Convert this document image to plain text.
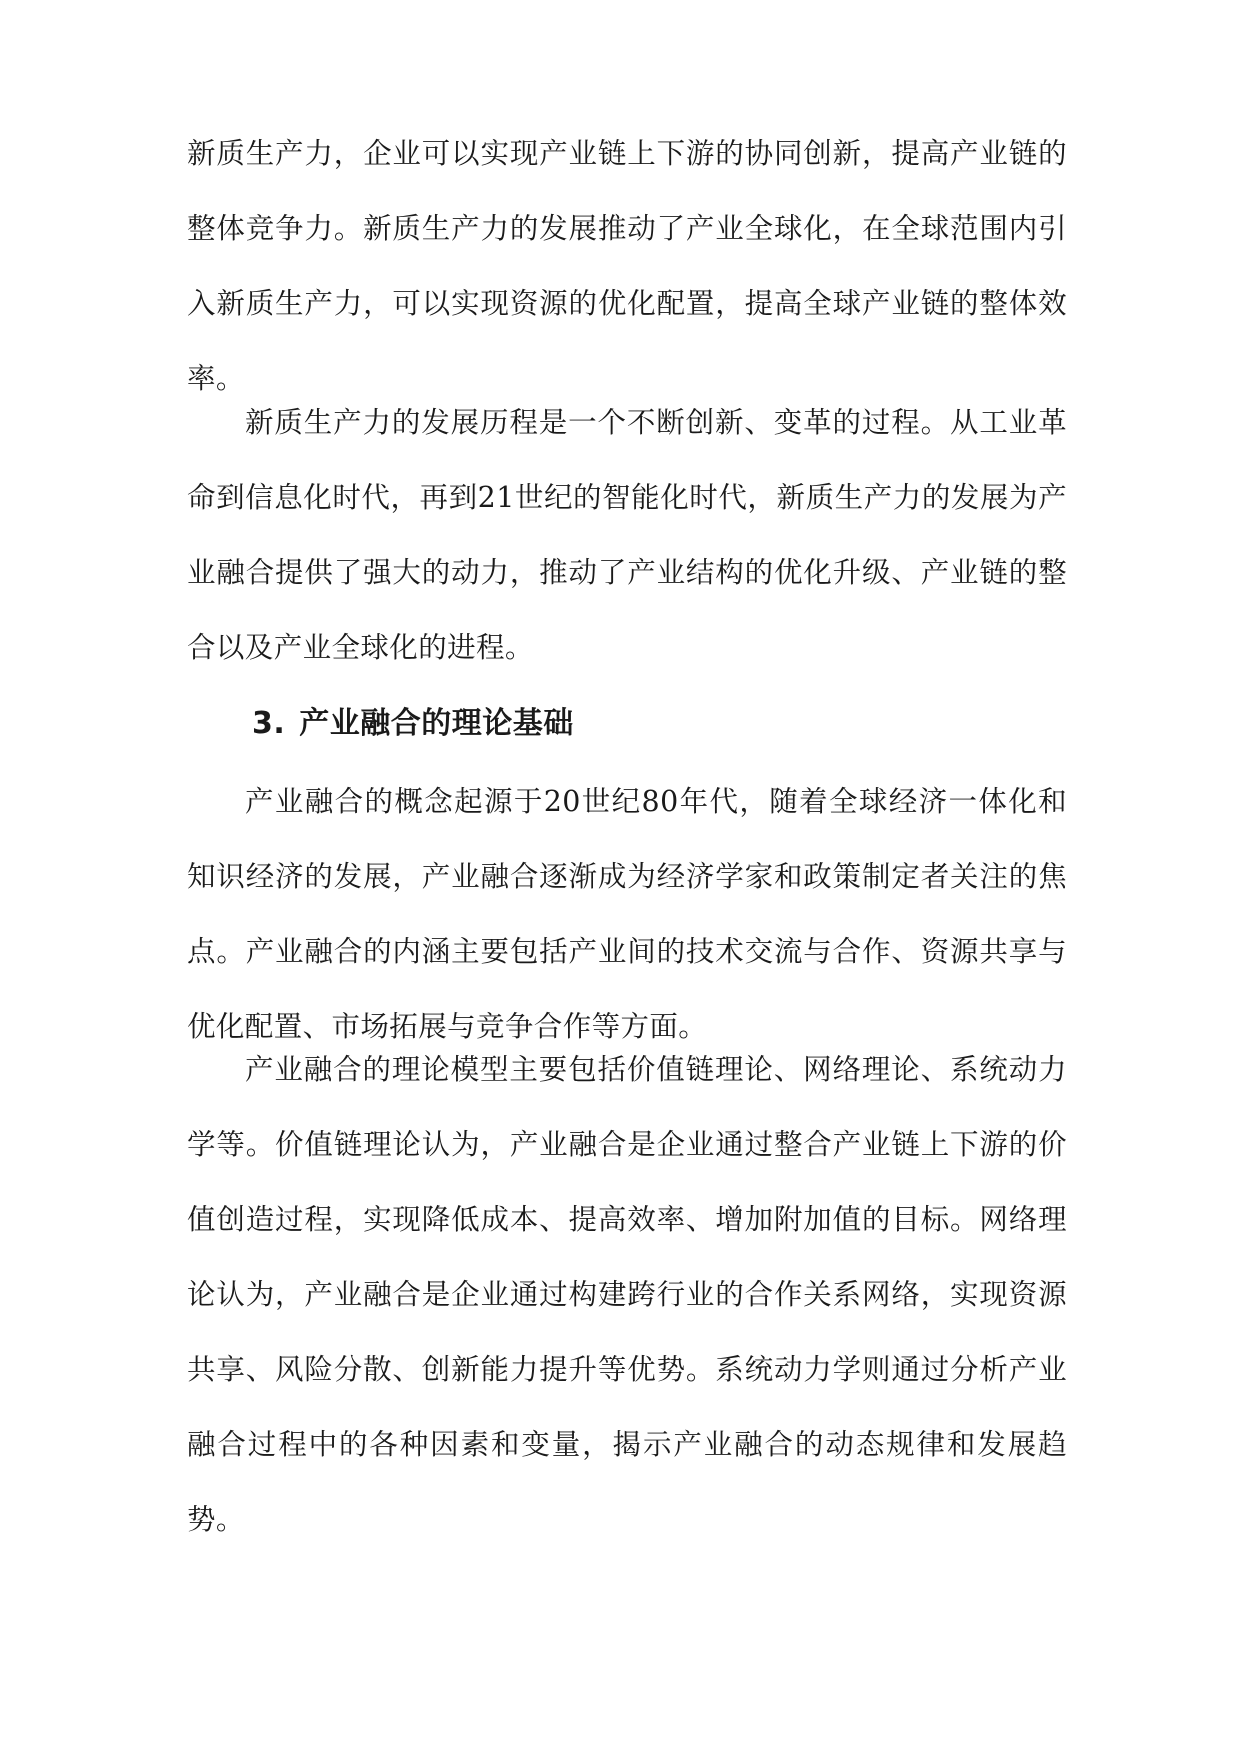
新质生产力，企业可以实现产业链上下游的协同创新，提高产业链的整体竞争力。新质生产力的发展推动了产业全球化，在全球范围内引入新质生产力，可以实现资源的优化配置，提高全球产业链的整体效率。

新质生产力的发展历程是一个不断创新、变革的过程。从工业革命到信息化时代，再到21世纪的智能化时代，新质生产力的发展为产业融合提供了强大的动力，推动了产业结构的优化升级、产业链的整合以及产业全球化的进程。

3. 产业融合的理论基础

产业融合的概念起源于20世纪80年代，随着全球经济一体化和知识经济的发展，产业融合逐渐成为经济学家和政策制定者关注的焦点。产业融合的内涵主要包括产业间的技术交流与合作、资源共享与优化配置、市场拓展与竞争合作等方面。

产业融合的理论模型主要包括价值链理论、网络理论、系统动力学等。价值链理论认为，产业融合是企业通过整合产业链上下游的价值创造过程，实现降低成本、提高效率、增加附加值的目标。网络理论认为，产业融合是企业通过构建跨行业的合作关系网络，实现资源共享、风险分散、创新能力提升等优势。系统动力学则通过分析产业融合过程中的各种因素和变量，揭示产业融合的动态规律和发展趋势。
